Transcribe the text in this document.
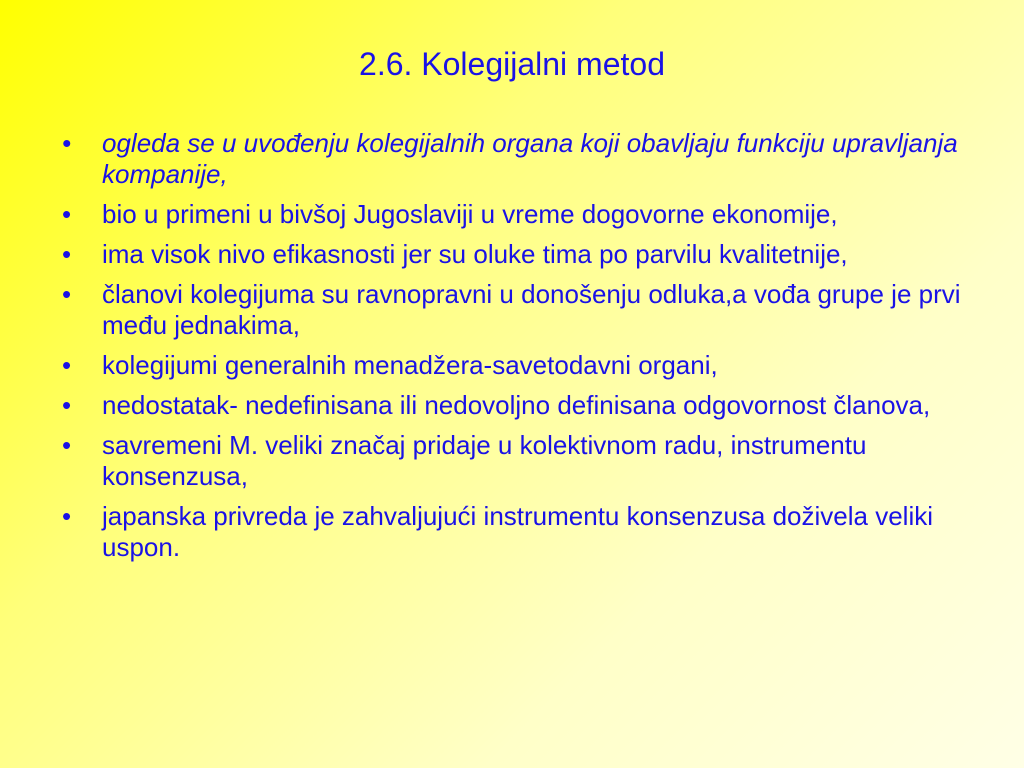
2.6. Kolegijalni metod
•	ogleda se u uvođenju kolegijalnih organa koji obavljaju funkciju upravljanja kompanije,
•	bio u primeni u bivšoj Jugoslaviji u vreme dogovorne ekonomije,
•	ima visok nivo efikasnosti jer su oluke tima po parvilu kvalitetnije,
•	članovi kolegijuma su ravnopravni u donošenju odluka,a vođa grupe je prvi među jednakima,
•	kolegijumi generalnih menadžera-savetodavni organi,
•	nedostatak- nedefinisana ili nedovoljno definisana odgovornost članova,
•	savremeni M. veliki značaj pridaje u kolektivnom radu, instrumentu konsenzusa,
•	japanska privreda je zahvaljujući instrumentu konsenzusa doživela veliki uspon.
